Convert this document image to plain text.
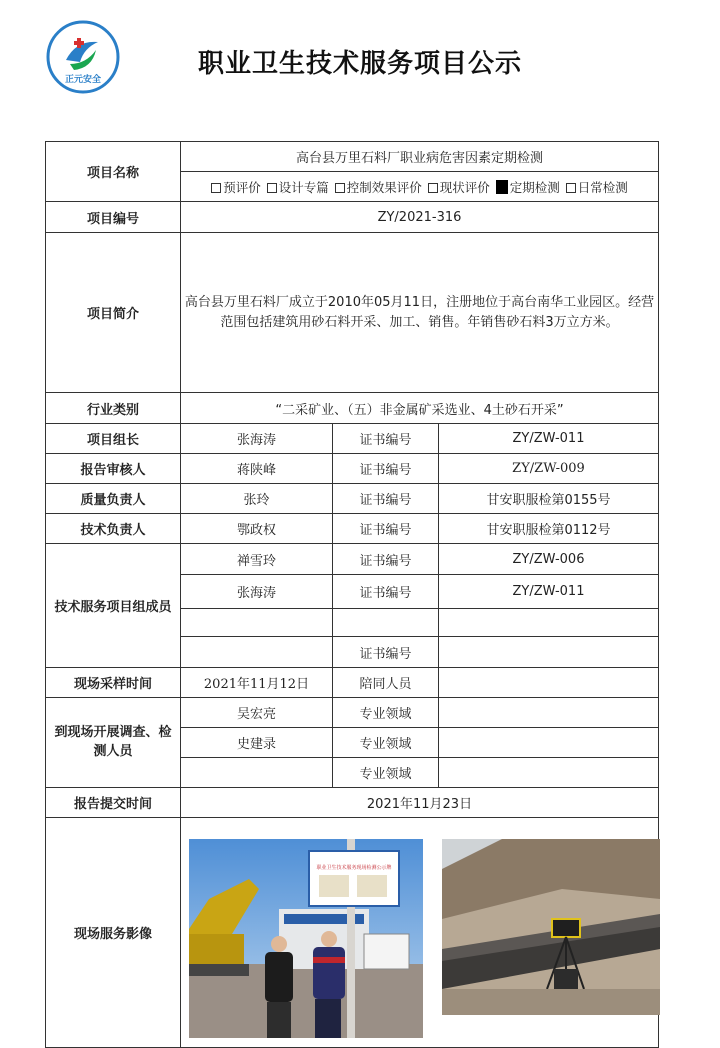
正元安全
职业卫生技术服务项目公示
项目名称	高台县万里石料厂职业病危害因素定期检测		

	预评价 设计专篇 控制效果评价 现状评价 定期检测 日常检测		

项目编号	ZY/2021-316		
项目简介	高台县万里石料厂成立于2010年05月11日，注册地位于高台南华工业园区。经营范围包括建筑用砂石料开采、加工、销售。年销售砂石料3万立方米。		
行业类别	“二采矿业、（五）非金属矿采选业、4土砂石开采”		
项目组长	张海涛	证书编号	ZY/ZW-011
报告审核人	蒋陕峰	证书编号	ZY/ZW-009
质量负责人	张玲	证书编号	甘安职服检第0155号
技术负责人	鄂政权	证书编号	甘安职服检第0112号
技术服务项目组成员	禅雪玲	证书编号	ZY/ZW-006
	张海涛	证书编号	ZY/ZW-011

		证书编号	
现场采样时间	2021年11月12日	陪同人员	
到现场开展调查、检测人员	吴宏亮	专业领域	
	史建录	专业领域	
		专业领域	
报告提交时间	2021年11月23日		
现场服务影像			
职业卫生技术服务现场检测公示牌
